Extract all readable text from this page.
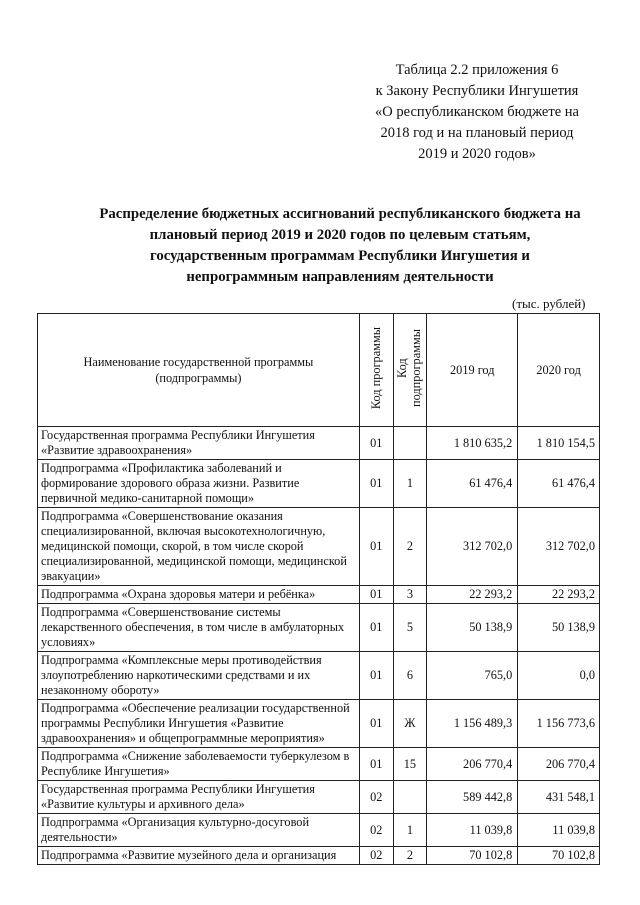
Таблица 2.2 приложения 6
к Закону Республики Ингушетия
«О республиканском бюджете на
2018 год и на плановый период
2019 и 2020 годов»
Распределение бюджетных ассигнований республиканского бюджета на
плановый период 2019 и 2020 годов по целевым статьям,
государственным программам Республики Ингушетия и
непрограммным направлениям деятельности
(тыс. рублей)
Наименование государственной программы (подпрограммы)	Код программы	Код подпрограммы	2019 год	2020 год
Государственная программа Республики Ингушетия «Развитие здравоохранения»	01		1 810 635,2	1 810 154,5
Подпрограмма «Профилактика заболеваний и формирование здорового образа жизни. Развитие первичной медико-санитарной помощи»	01	1	61 476,4	61 476,4
Подпрограмма «Совершенствование оказания специализированной, включая высокотехнологичную, медицинской помощи, скорой, в том числе скорой специализированной, медицинской помощи, медицинской эвакуации»	01	2	312 702,0	312 702,0
Подпрограмма «Охрана здоровья матери и ребёнка»	01	3	22 293,2	22 293,2
Подпрограмма «Совершенствование системы лекарственного обеспечения, в том числе в амбулаторных условиях»	01	5	50 138,9	50 138,9
Подпрограмма «Комплексные меры противодействия злоупотреблению наркотическими средствами и их незаконному обороту»	01	6	765,0	0,0
Подпрограмма «Обеспечение реализации государственной программы Республики Ингушетия «Развитие здравоохранения» и общепрограммные мероприятия»	01	Ж	1 156 489,3	1 156 773,6
Подпрограмма «Снижение заболеваемости туберкулезом в Республике Ингушетия»	01	15	206 770,4	206 770,4
Государственная программа Республики Ингушетия «Развитие культуры и архивного дела»	02		589 442,8	431 548,1
Подпрограмма «Организация культурно-досуговой деятельности»	02	1	11 039,8	11 039,8
Подпрограмма «Развитие музейного дела и организация	02	2	70 102,8	70 102,8
